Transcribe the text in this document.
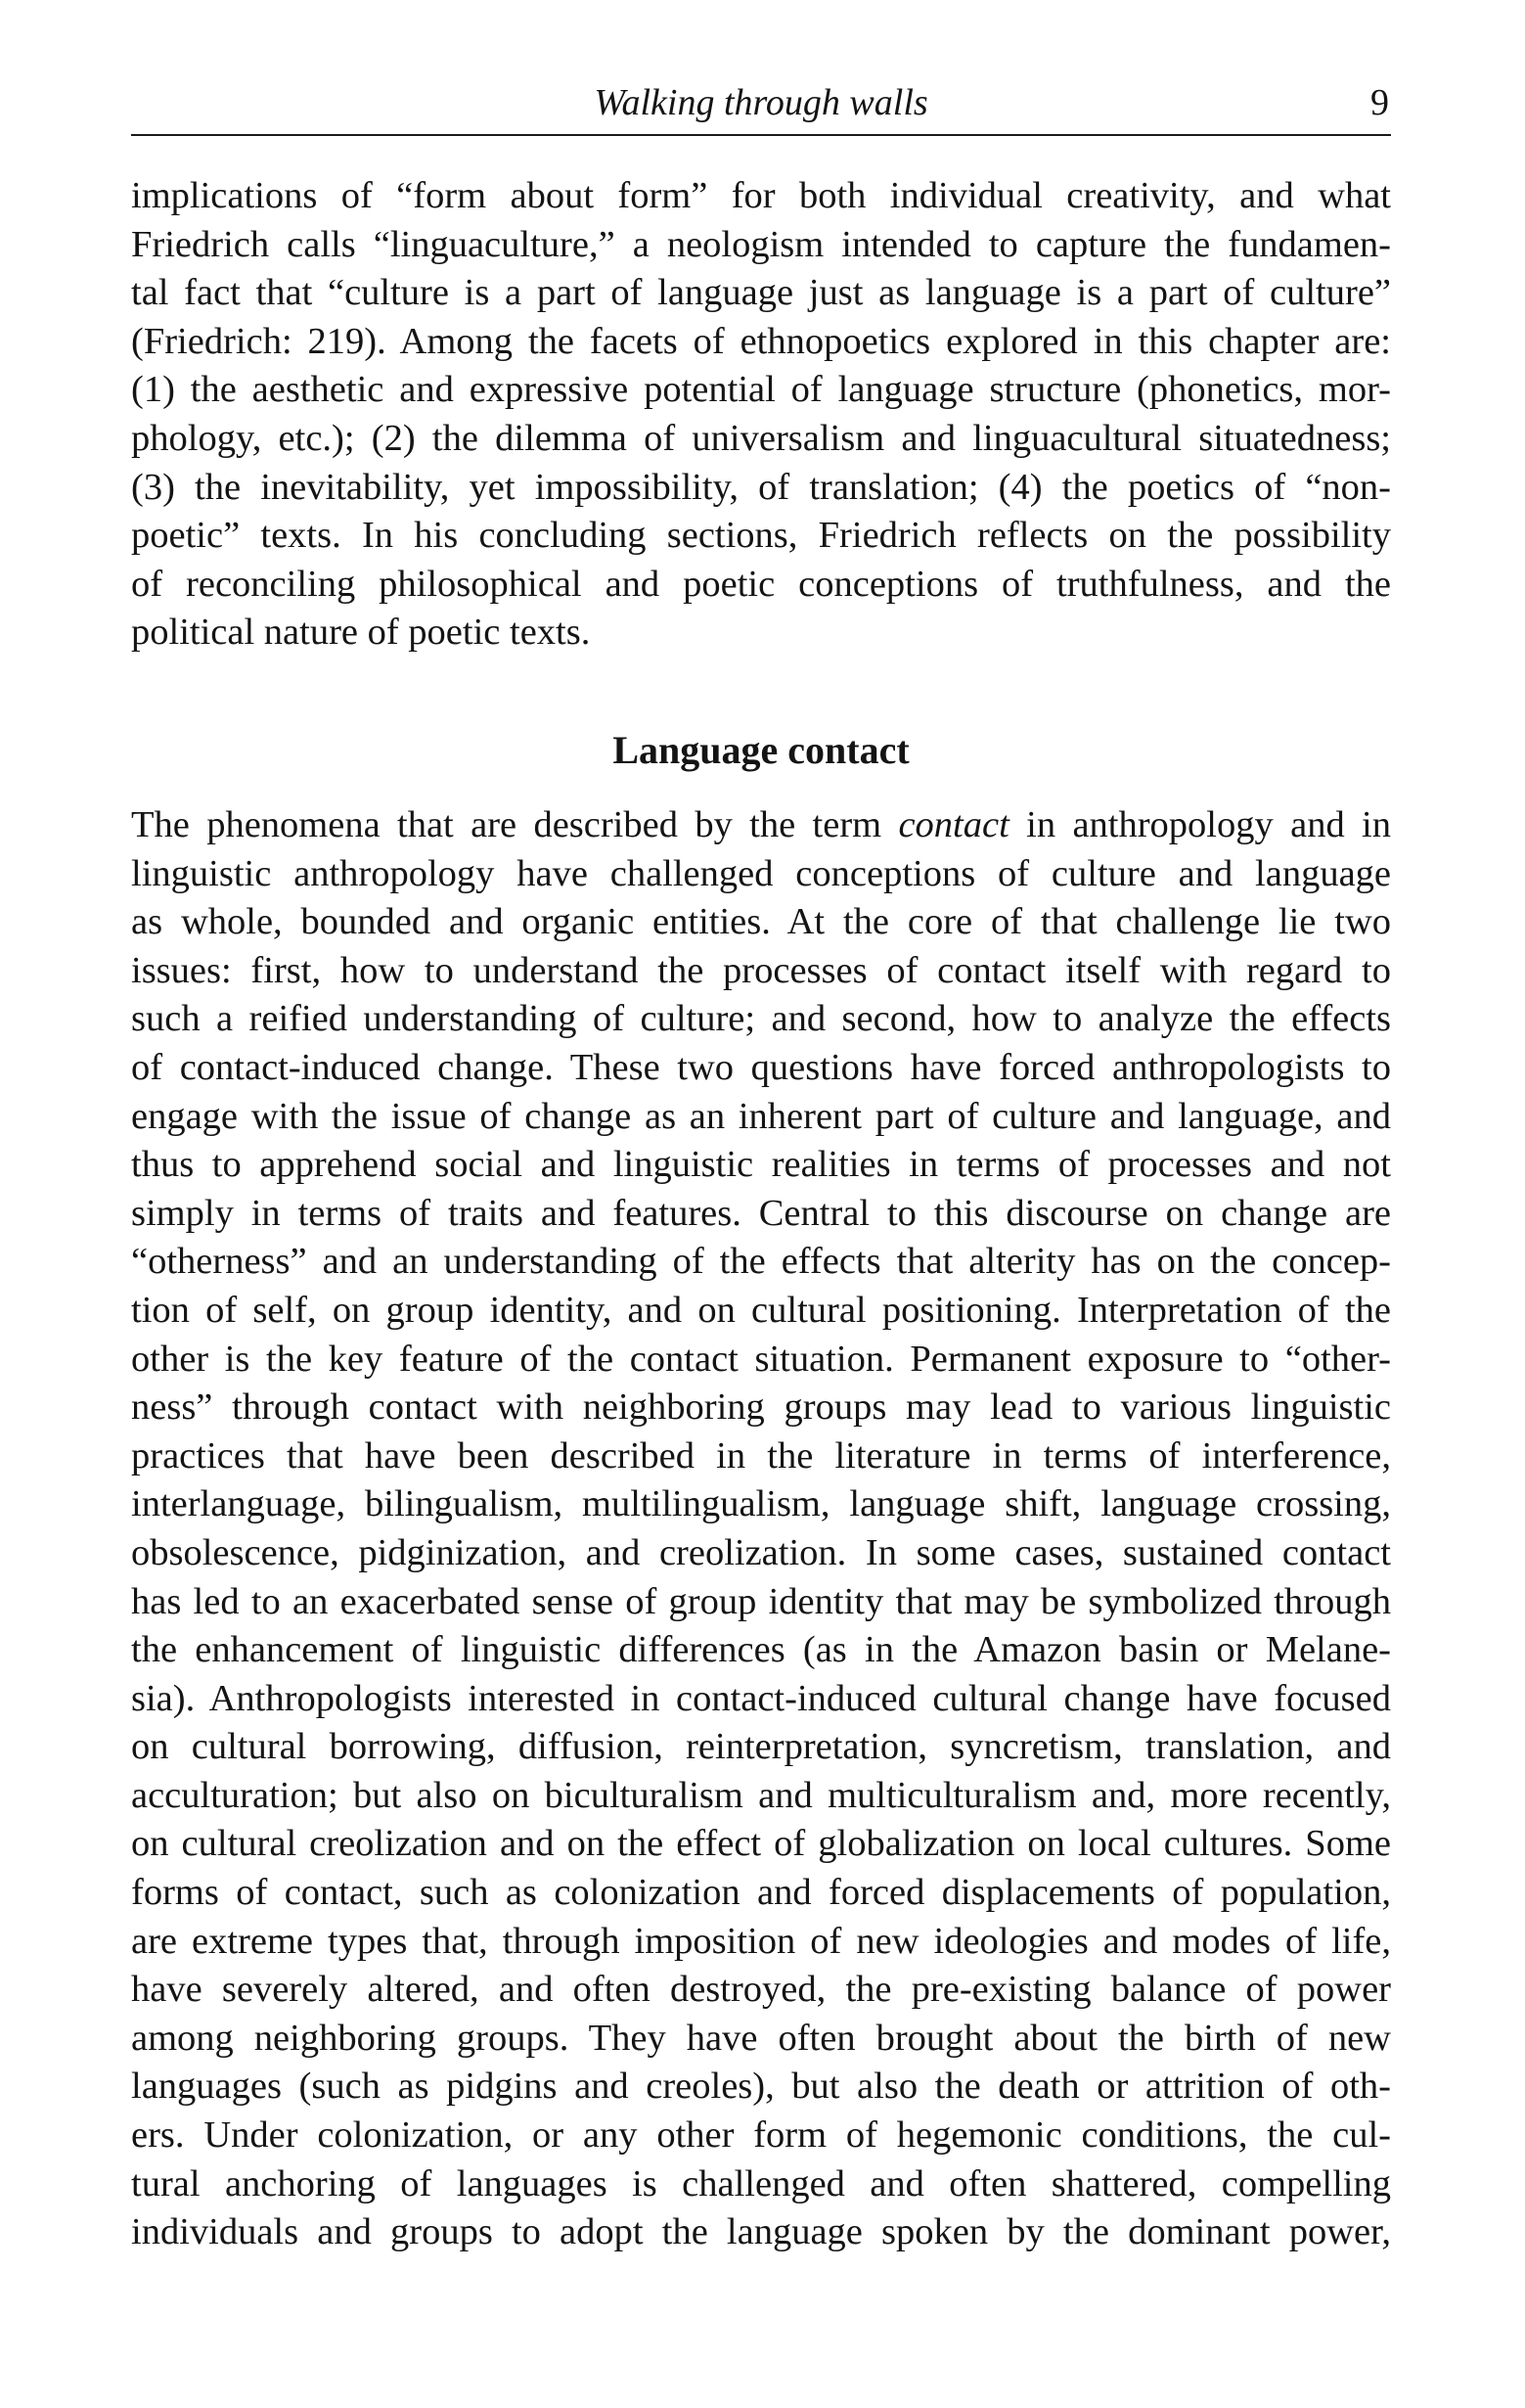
Walking through walls	9
implications of “form about form” for both individual creativity, and what
Friedrich calls “linguaculture,” a neologism intended to capture the fundamen-
tal fact that “culture is a part of language just as language is a part of culture”
(Friedrich: 219). Among the facets of ethnopoetics explored in this chapter are:
(1) the aesthetic and expressive potential of language structure (phonetics, mor-
phology, etc.); (2) the dilemma of universalism and linguacultural situatedness;
(3) the inevitability, yet impossibility, of translation; (4) the poetics of “non-
poetic” texts. In his concluding sections, Friedrich reflects on the possibility
of reconciling philosophical and poetic conceptions of truthfulness, and the
political nature of poetic texts.
Language contact
The phenomena that are described by the term contact in anthropology and in
linguistic anthropology have challenged conceptions of culture and language
as whole, bounded and organic entities. At the core of that challenge lie two
issues: first, how to understand the processes of contact itself with regard to
such a reified understanding of culture; and second, how to analyze the effects
of contact-induced change. These two questions have forced anthropologists to
engage with the issue of change as an inherent part of culture and language, and
thus to apprehend social and linguistic realities in terms of processes and not
simply in terms of traits and features. Central to this discourse on change are
“otherness” and an understanding of the effects that alterity has on the concep-
tion of self, on group identity, and on cultural positioning. Interpretation of the
other is the key feature of the contact situation. Permanent exposure to “other-
ness” through contact with neighboring groups may lead to various linguistic
practices that have been described in the literature in terms of interference,
interlanguage, bilingualism, multilingualism, language shift, language crossing,
obsolescence, pidginization, and creolization. In some cases, sustained contact
has led to an exacerbated sense of group identity that may be symbolized through
the enhancement of linguistic differences (as in the Amazon basin or Melane-
sia). Anthropologists interested in contact-induced cultural change have focused
on cultural borrowing, diffusion, reinterpretation, syncretism, translation, and
acculturation; but also on biculturalism and multiculturalism and, more recently,
on cultural creolization and on the effect of globalization on local cultures. Some
forms of contact, such as colonization and forced displacements of population,
are extreme types that, through imposition of new ideologies and modes of life,
have severely altered, and often destroyed, the pre-existing balance of power
among neighboring groups. They have often brought about the birth of new
languages (such as pidgins and creoles), but also the death or attrition of oth-
ers. Under colonization, or any other form of hegemonic conditions, the cul-
tural anchoring of languages is challenged and often shattered, compelling
individuals and groups to adopt the language spoken by the dominant power,
